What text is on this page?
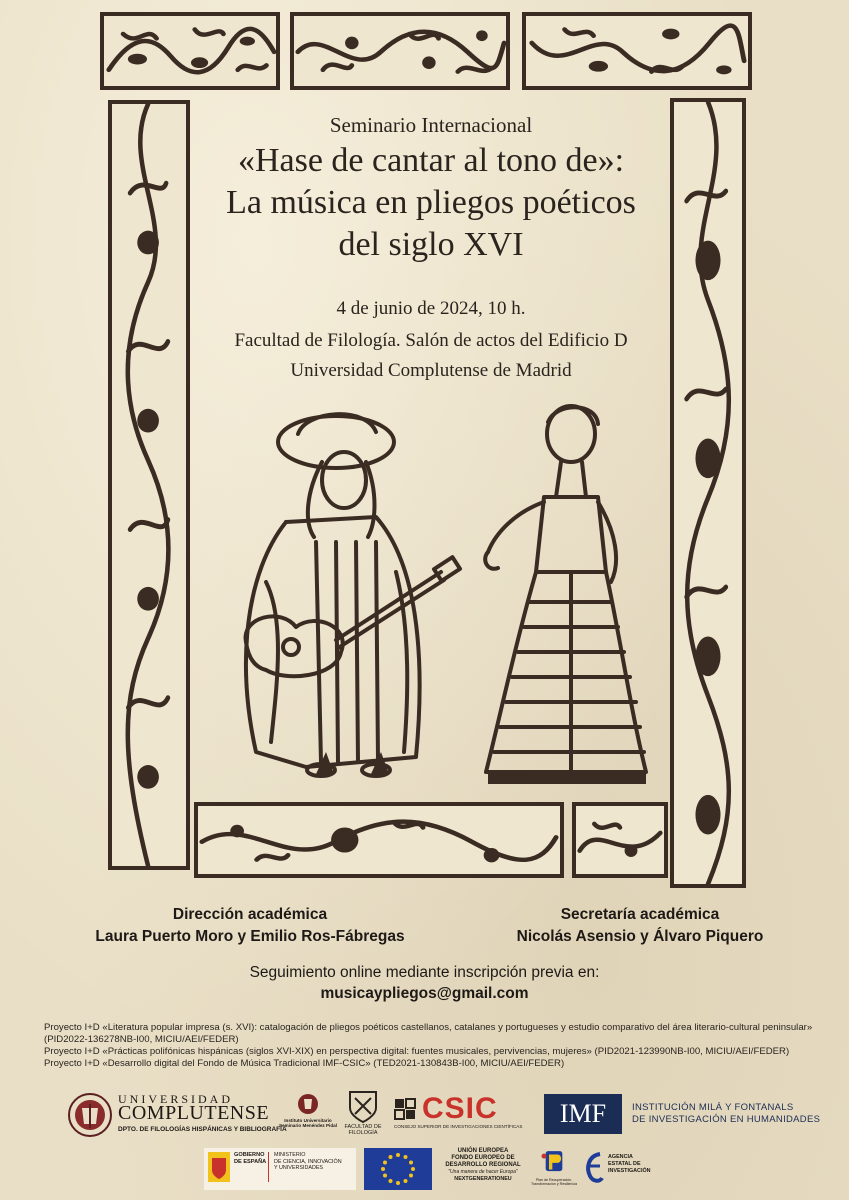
Seminario Internacional
«Hase de cantar al tono de»:
La música en pliegos poéticos
del siglo XVI
4 de junio de 2024, 10 h.
Facultad de Filología. Salón de actos del Edificio D
Universidad Complutense de Madrid
Dirección académica
Laura Puerto Moro y Emilio Ros-Fábregas
Secretaría académica
Nicolás Asensio y Álvaro Piquero
Seguimiento online mediante inscripción previa en:
musicaypliegos@gmail.com
Proyecto I+D «Literatura popular impresa (s. XVI): catalogación de pliegos poéticos castellanos, catalanes y portugueses y estudio comparativo del área literario-cultural peninsular» (PID2022-136278NB-I00, MICIU/AEI/FEDER)
Proyecto I+D «Prácticas polifónicas hispánicas (siglos XVI-XIX) en perspectiva digital: fuentes musicales, pervivencias, mujeres» (PID2021-123990NB-I00, MICIU/AEI/FEDER)
Proyecto I+D «Desarrollo digital del Fondo de Música Tradicional IMF-CSIC» (TED2021-130843B-I00, MICIU/AEI/FEDER)
UNIVERSIDAD
COMPLUTENSE
DPTO. DE FILOLOGÍAS HISPÁNICAS Y BIBLIOGRAFÍA
Instituto Universitario Seminario Menéndez Pidal	FACULTAD DE FILOLOGÍA
CSIC
CONSEJO SUPERIOR DE INVESTIGACIONES CIENTÍFICAS	IMF	INSTITUCIÓN MILÁ Y FONTANALS
DE INVESTIGACIÓN EN HUMANIDADES
GOBIERNO
DE ESPAÑA
MINISTERIO
DE CIENCIA, INNOVACIÓN
Y UNIVERSIDADES
UNIÓN EUROPEA
FONDO EUROPEO DE
DESARROLLO REGIONAL
"Una manera de hacer Europa"
NEXTGENERATIONEU	Plan de Recuperación, Transformación y Resiliencia
AGENCIA
ESTATAL DE
INVESTIGACIÓN
